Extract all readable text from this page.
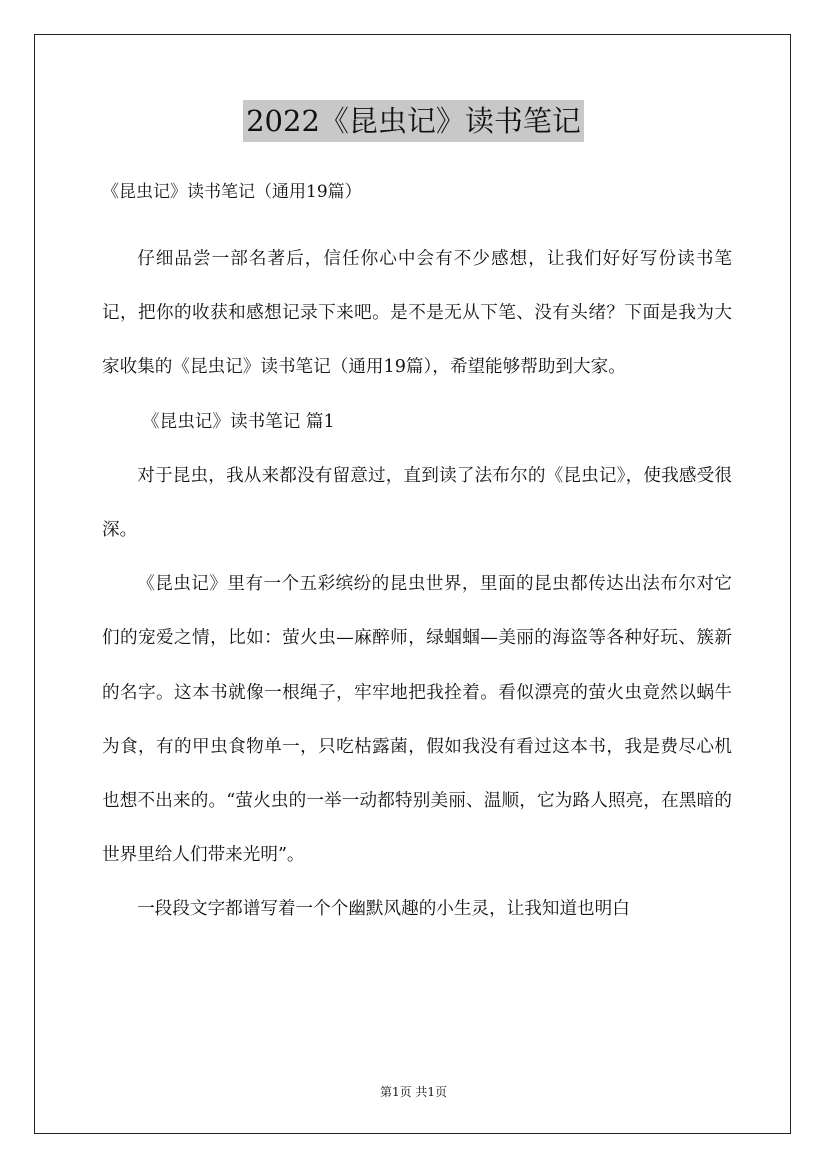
2022《昆虫记》读书笔记
《昆虫记》读书笔记（通用19篇）

仔细品尝一部名著后，信任你心中会有不少感想，让我们好好写份读书笔记，把你的收获和感想记录下来吧。是不是无从下笔、没有头绪？下面是我为大家收集的《昆虫记》读书笔记（通用19篇），希望能够帮助到大家。

《昆虫记》读书笔记 篇1

对于昆虫，我从来都没有留意过，直到读了法布尔的《昆虫记》，使我感受很深。

《昆虫记》里有一个五彩缤纷的昆虫世界，里面的昆虫都传达出法布尔对它们的宠爱之情，比如：萤火虫—麻醉师，绿蝈蝈—美丽的海盗等各种好玩、簇新的名字。这本书就像一根绳子，牢牢地把我拴着。看似漂亮的萤火虫竟然以蜗牛为食，有的甲虫食物单一，只吃枯露菌，假如我没有看过这本书，我是费尽心机也想不出来的。“萤火虫的一举一动都特别美丽、温顺，它为路人照亮，在黑暗的世界里给人们带来光明”。

一段段文字都谱写着一个个幽默风趣的小生灵，让我知道也明白

第1页 共1页
